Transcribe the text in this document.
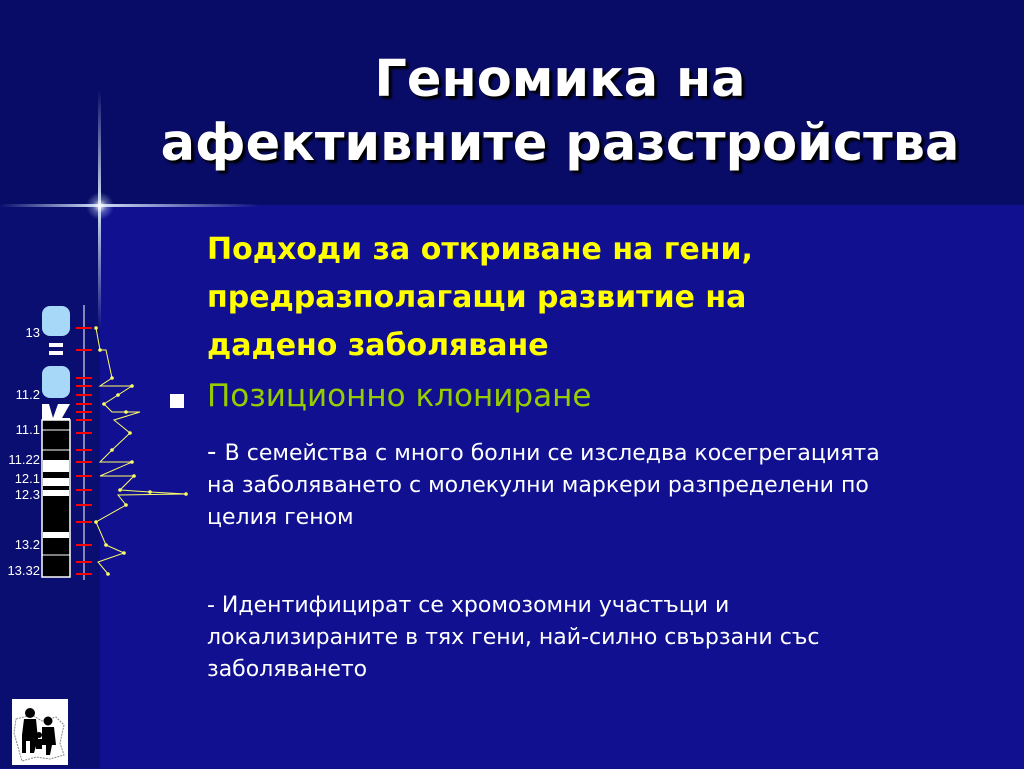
Геномика на
афективните разстройства
Подходи за откриване на гени,
предразполагащи развитие на
дадено заболяване
Позиционно клониране
- В семейства с много болни се изследва косегрегацията
на заболяването с молекулни маркери разпределени по
целия геном
- Идентифицират се хромозомни участъци и
локализираните в тях гени, най-силно свързани със
заболяването
13
11.2
11.1
11.22
12.1
12.3
13.2
13.32
